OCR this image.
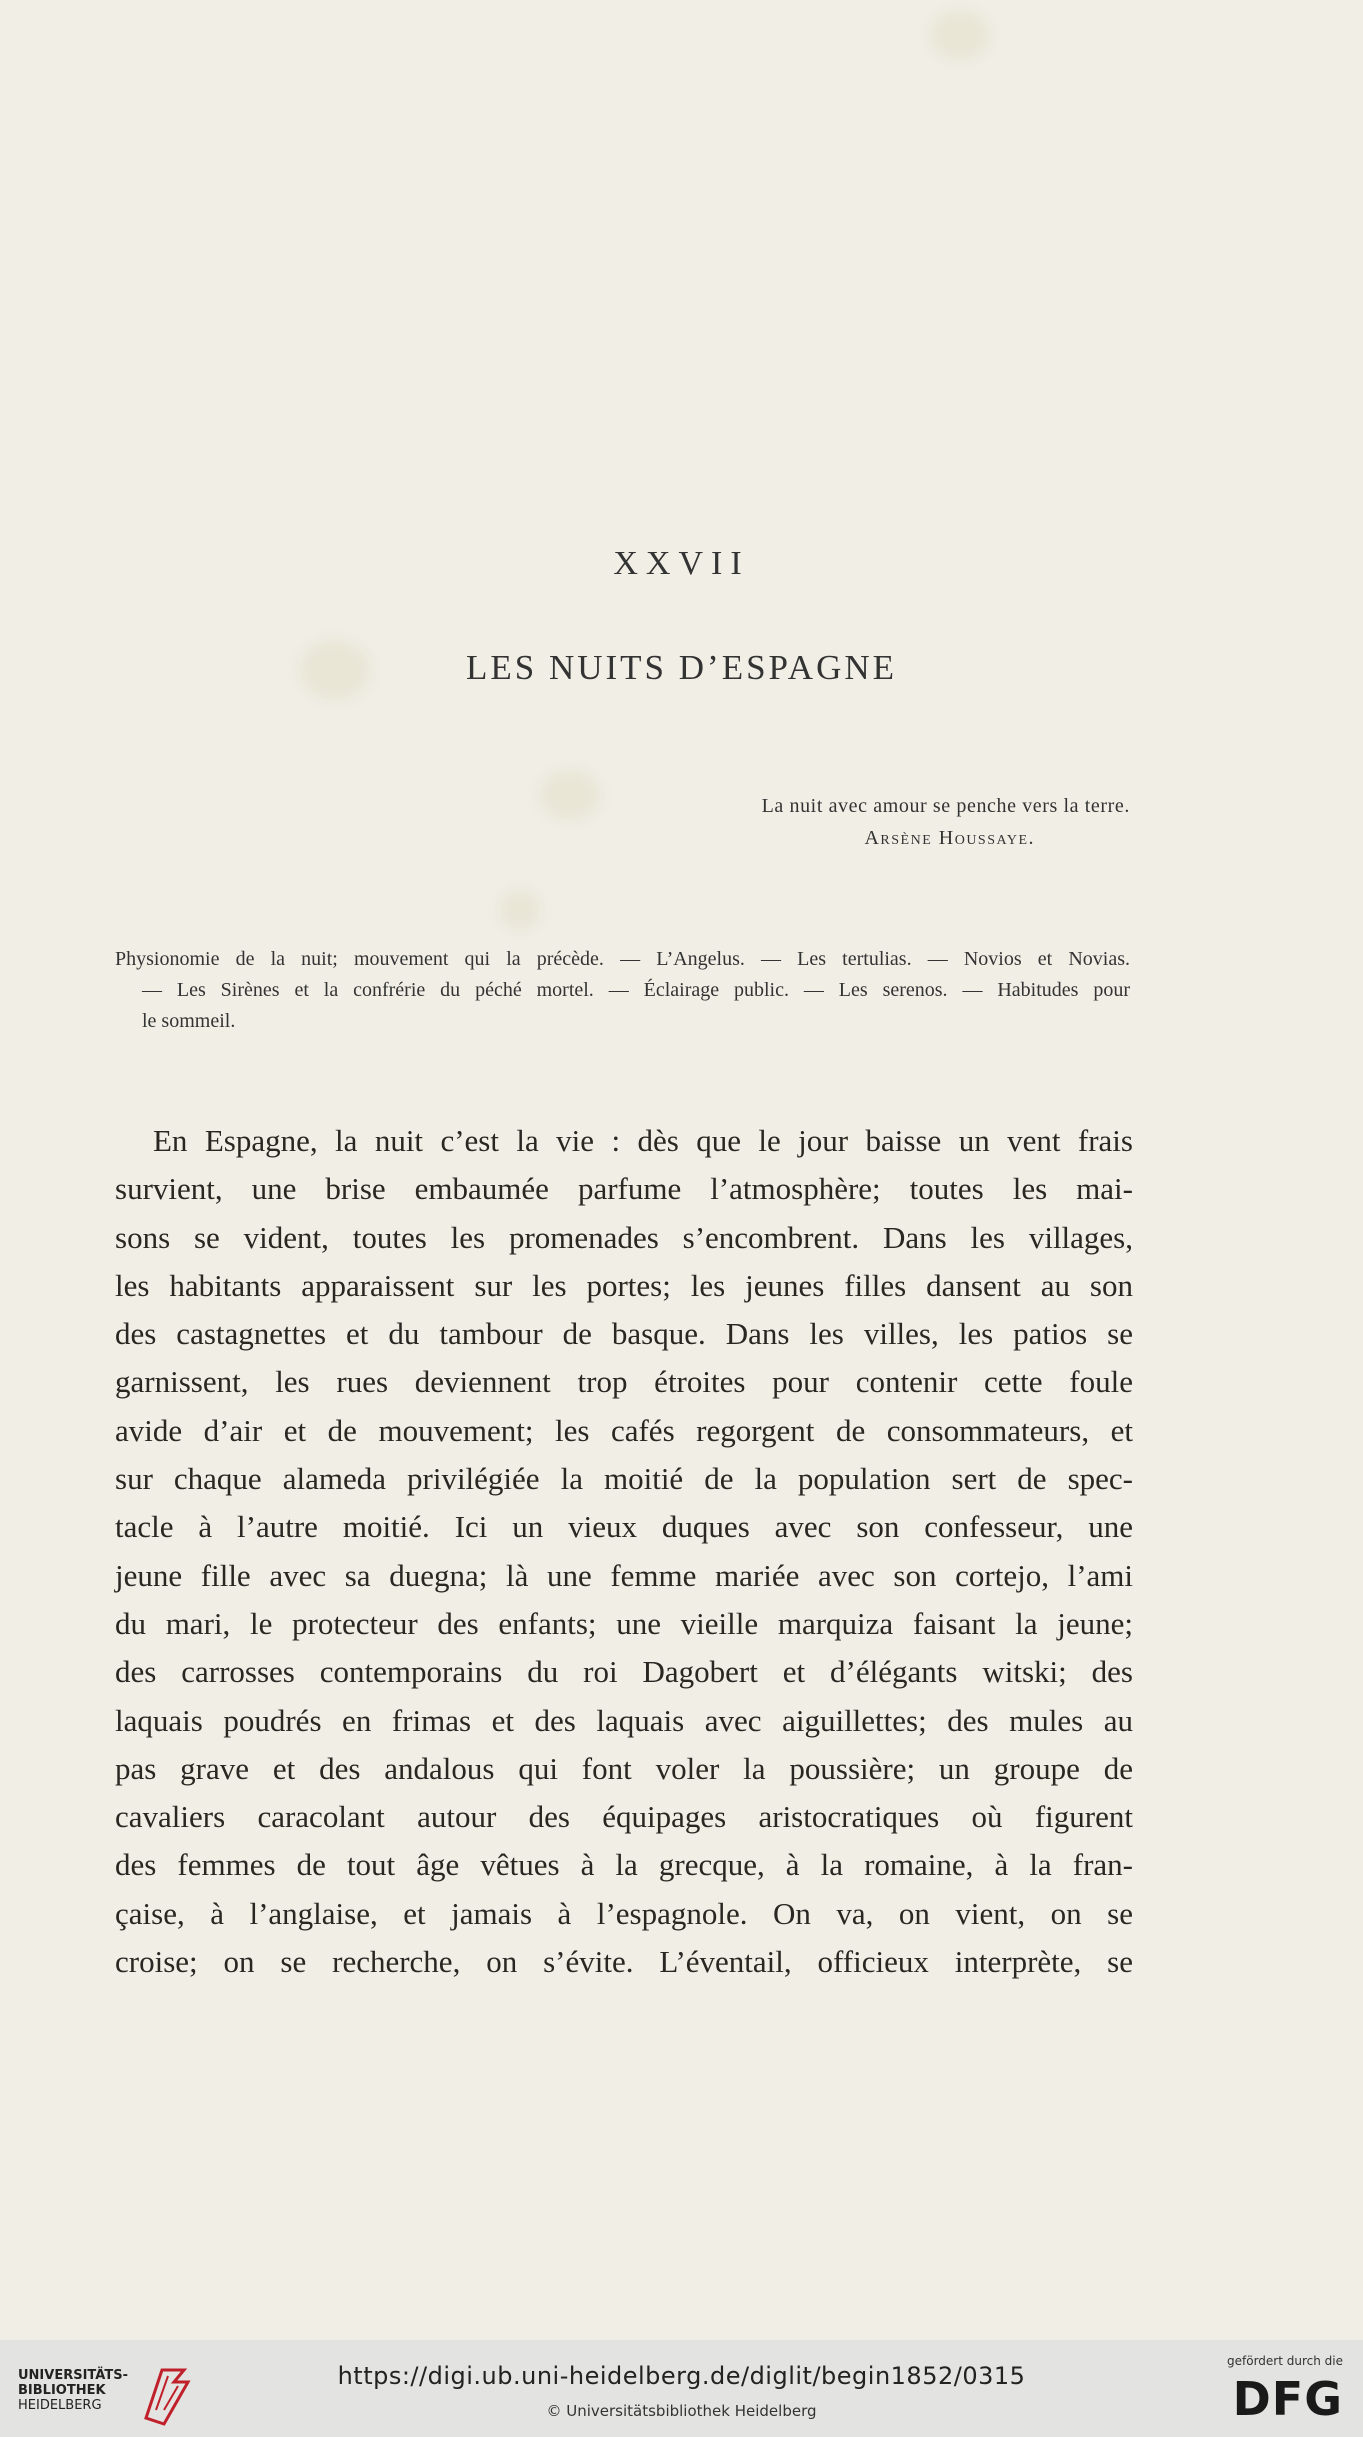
XXVII
LES NUITS D’ESPAGNE
La nuit avec amour se penche vers la terre.
Arsène Houssaye.
Physionomie de la nuit; mouvement qui la précède. — L’Angelus. — Les tertulias. — Novios et Novias.
— Les Sirènes et la confrérie du péché mortel. — Éclairage public. — Les serenos. — Habitudes pour
le sommeil.
En Espagne, la nuit c’est la vie : dès que le jour baisse un vent frais
survient, une brise embaumée parfume l’atmosphère; toutes les mai-
sons se vident, toutes les promenades s’encombrent. Dans les villages,
les habitants apparaissent sur les portes; les jeunes filles dansent au son
des castagnettes et du tambour de basque. Dans les villes, les patios se
garnissent, les rues deviennent trop étroites pour contenir cette foule
avide d’air et de mouvement; les cafés regorgent de consommateurs, et
sur chaque alameda privilégiée la moitié de la population sert de spec-
tacle à l’autre moitié. Ici un vieux duques avec son confesseur, une
jeune fille avec sa duegna; là une femme mariée avec son cortejo, l’ami
du mari, le protecteur des enfants; une vieille marquiza faisant la jeune;
des carrosses contemporains du roi Dagobert et d’élégants witski; des
laquais poudrés en frimas et des laquais avec aiguillettes; des mules au
pas grave et des andalous qui font voler la poussière; un groupe de
cavaliers caracolant autour des équipages aristocratiques où figurent
des femmes de tout âge vêtues à la grecque, à la romaine, à la fran-
çaise, à l’anglaise, et jamais à l’espagnole. On va, on vient, on se
croise; on se recherche, on s’évite. L’éventail, officieux interprète, se
UNIVERSITÄTS-
BIBLIOTHEK
HEIDELBERG
https://digi.ub.uni-heidelberg.de/diglit/begin1852/0315
© Universitätsbibliothek Heidelberg
gefördert durch die
DFG
